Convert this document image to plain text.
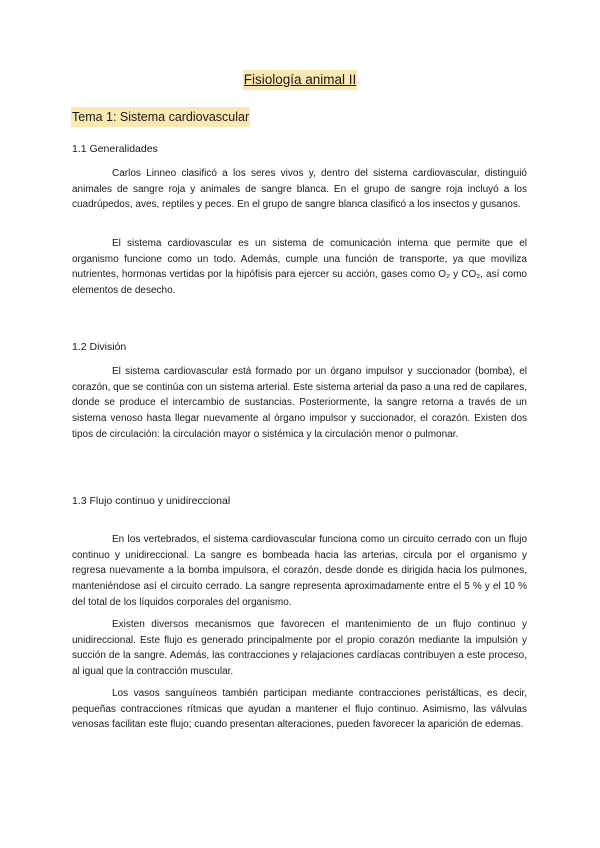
Fisiología animal II
Tema 1: Sistema cardiovascular
1.1 Generalidades

Carlos Linneo clasificó a los seres vivos y, dentro del sistema cardiovascular, distinguió animales de sangre roja y animales de sangre blanca. En el grupo de sangre roja incluyó a los cuadrúpedos, aves, reptiles y peces. En el grupo de sangre blanca clasificó a los insectos y gusanos.

El sistema cardiovascular es un sistema de comunicación interna que permite que el organismo funcione como un todo. Además, cumple una función de transporte, ya que moviliza nutrientes, hormonas vertidas por la hipófisis para ejercer su acción, gases como O₂ y CO₂, así como elementos de desecho.

1.2 División

El sistema cardiovascular está formado por un órgano impulsor y succionador (bomba), el corazón, que se continúa con un sistema arterial. Este sistema arterial da paso a una red de capilares, donde se produce el intercambio de sustancias. Posteriormente, la sangre retorna a través de un sistema venoso hasta llegar nuevamente al órgano impulsor y succionador, el corazón. Existen dos tipos de circulación: la circulación mayor o sistémica y la circulación menor o pulmonar.

1.3 Flujo continuo y unidireccional

En los vertebrados, el sistema cardiovascular funciona como un circuito cerrado con un flujo continuo y unidireccional. La sangre es bombeada hacia las arterias, circula por el organismo y regresa nuevamente a la bomba impulsora, el corazón, desde donde es dirigida hacia los pulmones, manteniéndose así el circuito cerrado. La sangre representa aproximadamente entre el 5 % y el 10 % del total de los líquidos corporales del organismo.

Existen diversos mecanismos que favorecen el mantenimiento de un flujo continuo y unidireccional. Este flujo es generado principalmente por el propio corazón mediante la impulsión y succión de la sangre. Además, las contracciones y relajaciones cardíacas contribuyen a este proceso, al igual que la contracción muscular.

Los vasos sanguíneos también participan mediante contracciones peristálticas, es decir, pequeñas contracciones rítmicas que ayudan a mantener el flujo continuo. Asimismo, las válvulas venosas facilitan este flujo; cuando presentan alteraciones, pueden favorecer la aparición de edemas.
